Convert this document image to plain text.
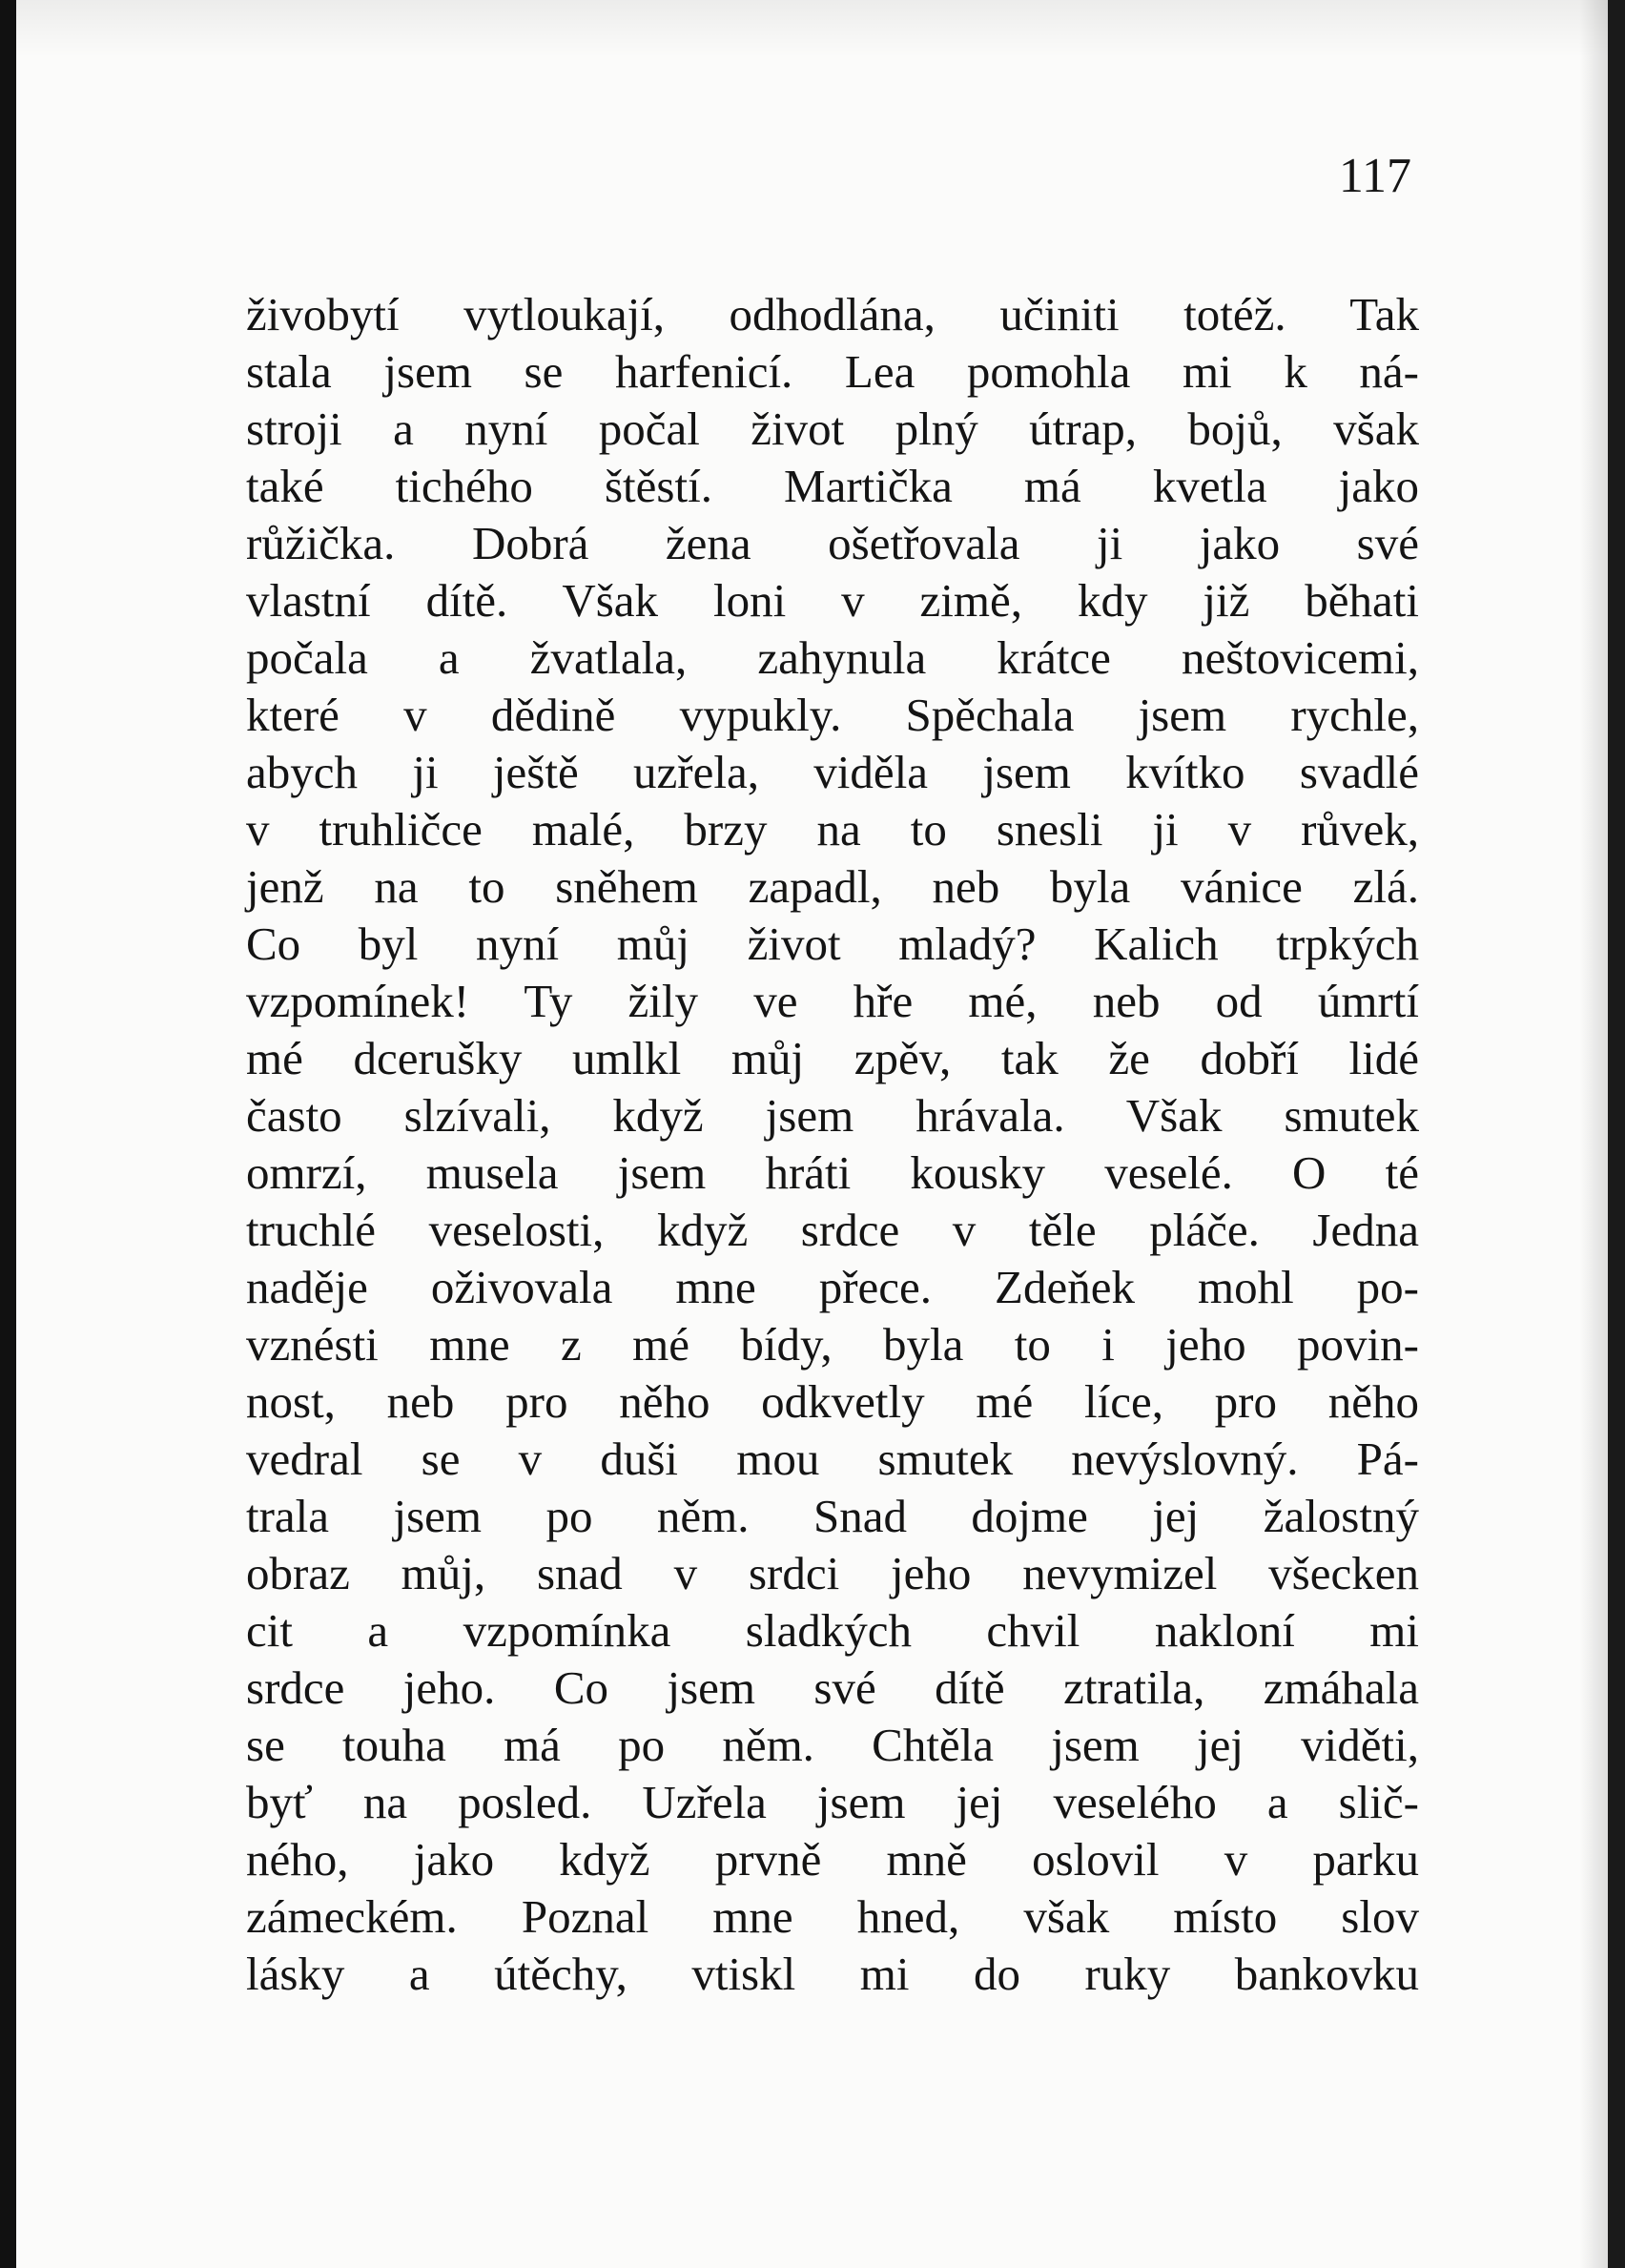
117
živobytí vytloukají, odhodlána, učiniti totéž. Tak
stala jsem se harfenicí. Lea pomohla mi k ná-
stroji a nyní počal život plný útrap, bojů, však
také tichého štěstí. Martička má kvetla jako
růžička. Dobrá žena ošetřovala ji jako své
vlastní dítě. Však loni v zimě, kdy již běhati
počala a žvatlala, zahynula krátce neštovicemi,
které v dědině vypukly. Spěchala jsem rychle,
abych ji ještě uzřela, viděla jsem kvítko svadlé
v truhličce malé, brzy na to snesli ji v růvek,
jenž na to sněhem zapadl, neb byla vánice zlá.
Co byl nyní můj život mladý? Kalich trpkých
vzpomínek! Ty žily ve hře mé, neb od úmrtí
mé dcerušky umlkl můj zpěv, tak že dobří lidé
často slzívali, když jsem hrávala. Však smutek
omrzí, musela jsem hráti kousky veselé. O té
truchlé veselosti, když srdce v těle pláče. Jedna
naděje oživovala mne přece. Zdeňek mohl po-
vznésti mne z mé bídy, byla to i jeho povin-
nost, neb pro něho odkvetly mé líce, pro něho
vedral se v duši mou smutek nevýslovný. Pá-
trala jsem po něm. Snad dojme jej žalostný
obraz můj, snad v srdci jeho nevymizel všecken
cit a vzpomínka sladkých chvil nakloní mi
srdce jeho. Co jsem své dítě ztratila, zmáhala
se touha má po něm. Chtěla jsem jej viděti,
byť na posled. Uzřela jsem jej veselého a slič-
ného, jako když prvně mně oslovil v parku
zámeckém. Poznal mne hned, však místo slov
lásky a útěchy, vtiskl mi do ruky bankovku
